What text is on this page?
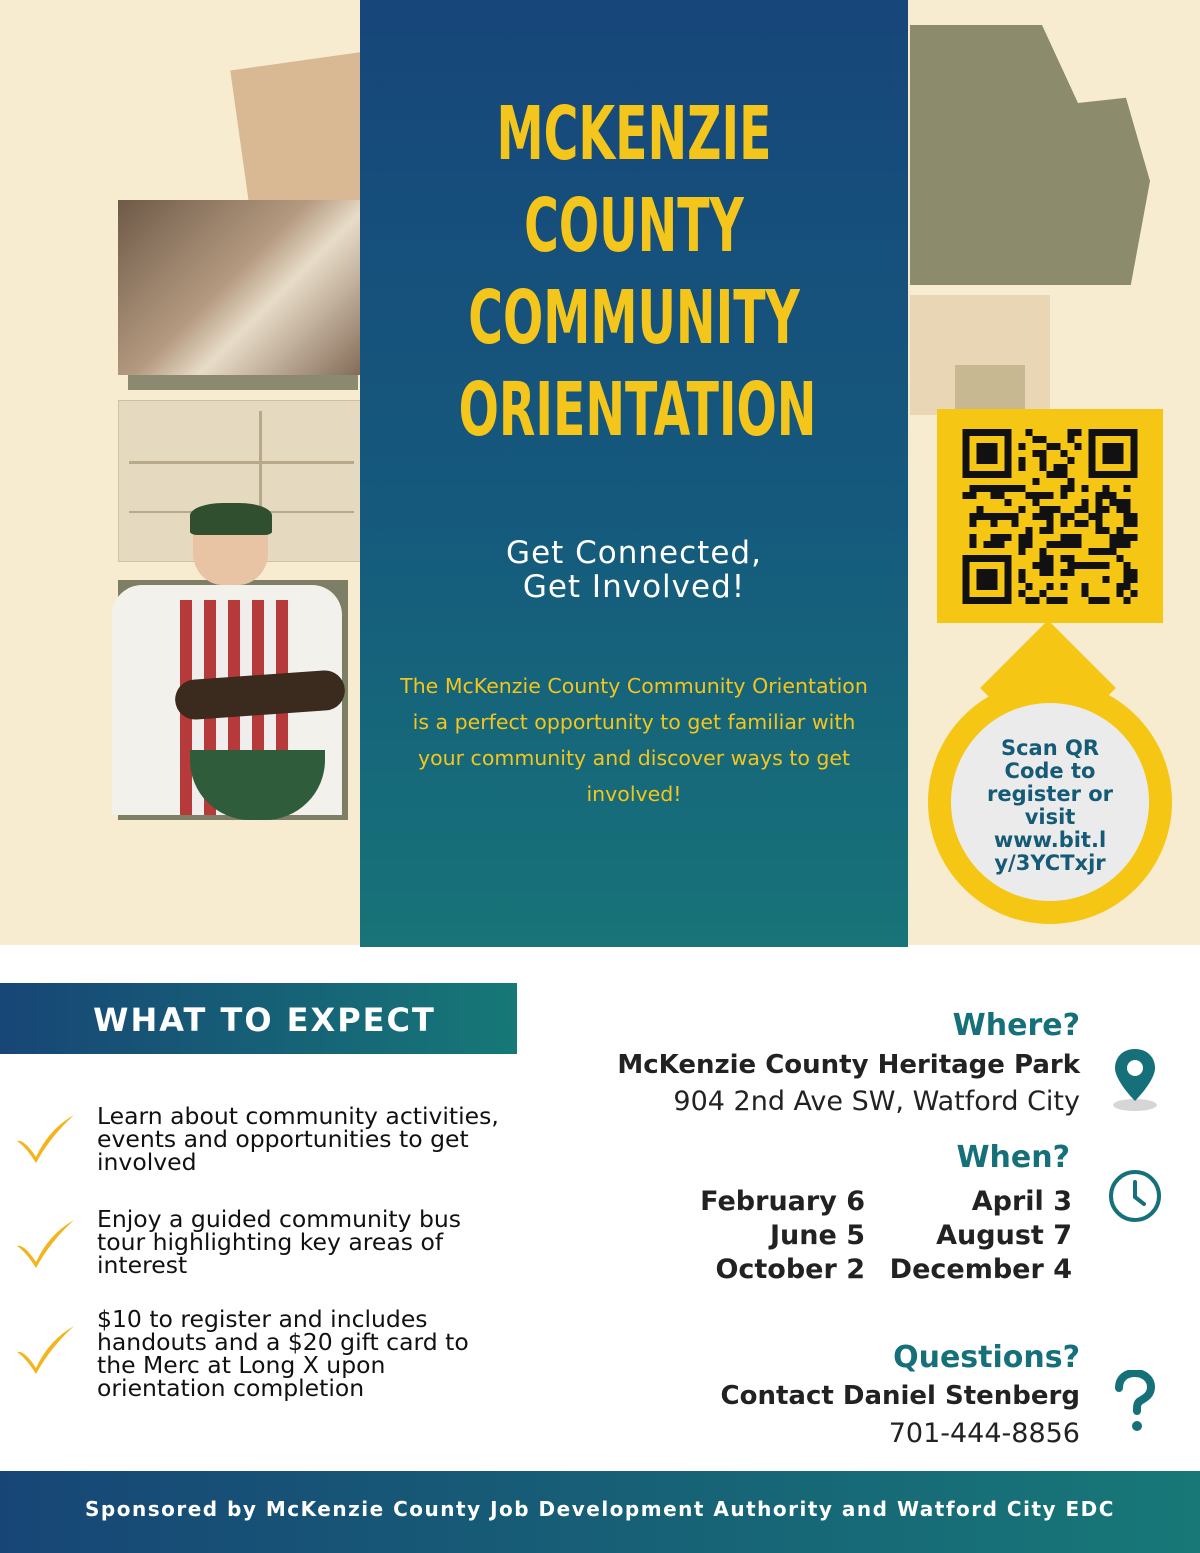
MCKENZIE
COUNTY
COMMUNITY
ORIENTATION
Get Connected,
Get Involved!
The McKenzie County Community Orientation is a perfect opportunity to get familiar with your community and discover ways to get involved!
Scan QR
Code to
register or
visit
www.bit.l
y/3YCTxjr
WHAT TO EXPECT
Learn about community activities,
events and opportunities to get
involved
Enjoy a guided community bus
tour highlighting key areas of
interest
$10 to register and includes
handouts and a $20 gift card to
the Merc at Long X upon
orientation completion
Where?
McKenzie County Heritage Park
904 2nd Ave SW, Watford City
When?
February 6
June 5
October 2
April 3
August 7
December 4
Questions?
Contact Daniel Stenberg
701-444-8856
Sponsored by McKenzie County Job Development Authority and Watford City EDC
